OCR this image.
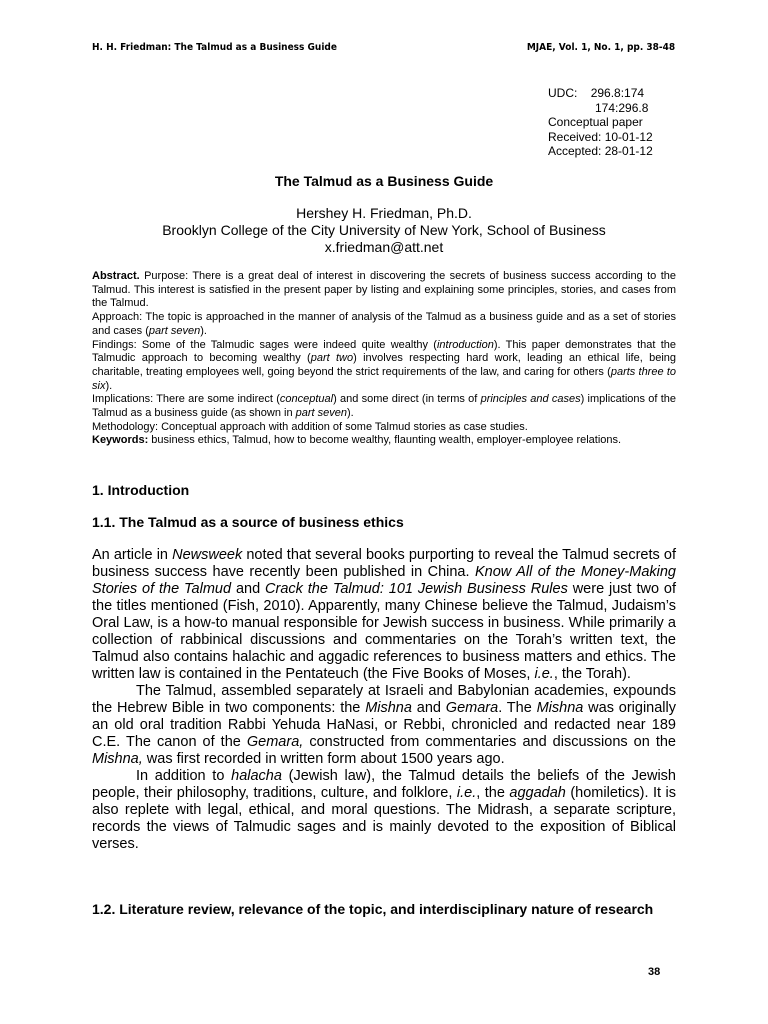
H. H. Friedman: The Talmud as a Business Guide	MJAE, Vol. 1, No. 1, pp. 38-48
UDC: 296.8:174
174:296.8
Conceptual paper
Received: 10-01-12
Accepted: 28-01-12
The Talmud as a Business Guide
Hershey H. Friedman, Ph.D.
Brooklyn College of the City University of New York, School of Business
x.friedman@att.net

Abstract. Purpose: There is a great deal of interest in discovering the secrets of business success according to the Talmud. This interest is satisfied in the present paper by listing and explaining some principles, stories, and cases from the Talmud.

Approach: The topic is approached in the manner of analysis of the Talmud as a business guide and as a set of stories and cases (part seven).

Findings: Some of the Talmudic sages were indeed quite wealthy (introduction). This paper demonstrates that the Talmudic approach to becoming wealthy (part two) involves respecting hard work, leading an ethical life, being charitable, treating employees well, going beyond the strict requirements of the law, and caring for others (parts three to six).

Implications: There are some indirect (conceptual) and some direct (in terms of principles and cases) implications of the Talmud as a business guide (as shown in part seven).

Methodology: Conceptual approach with addition of some Talmud stories as case studies.

Keywords: business ethics, Talmud, how to become wealthy, flaunting wealth, employer-employee relations.

1. Introduction
1.1. The Talmud as a source of business ethics

An article in Newsweek noted that several books purporting to reveal the Talmud secrets of business success have recently been published in China. Know All of the Money-Making Stories of the Talmud and Crack the Talmud: 101 Jewish Business Rules were just two of the titles mentioned (Fish, 2010). Apparently, many Chinese believe the Talmud, Judaism’s Oral Law, is a how-to manual responsible for Jewish success in business. While primarily a collection of rabbinical discussions and commentaries on the Torah’s written text, the Talmud also contains halachic and aggadic references to business matters and ethics. The written law is contained in the Pentateuch (the Five Books of Moses, i.e., the Torah).

The Talmud, assembled separately at Israeli and Babylonian academies, expounds the Hebrew Bible in two components: the Mishna and Gemara. The Mishna was originally an old oral tradition Rabbi Yehuda HaNasi, or Rebbi, chronicled and redacted near 189 C.E. The canon of the Gemara, constructed from commentaries and discussions on the Mishna, was first recorded in written form about 1500 years ago.

In addition to halacha (Jewish law), the Talmud details the beliefs of the Jewish people, their philosophy, traditions, culture, and folklore, i.e., the aggadah (homiletics). It is also replete with legal, ethical, and moral questions. The Midrash, a separate scripture, records the views of Talmudic sages and is mainly devoted to the exposition of Biblical verses.

1.2. Literature review, relevance of the topic, and interdisciplinary nature of research
38
